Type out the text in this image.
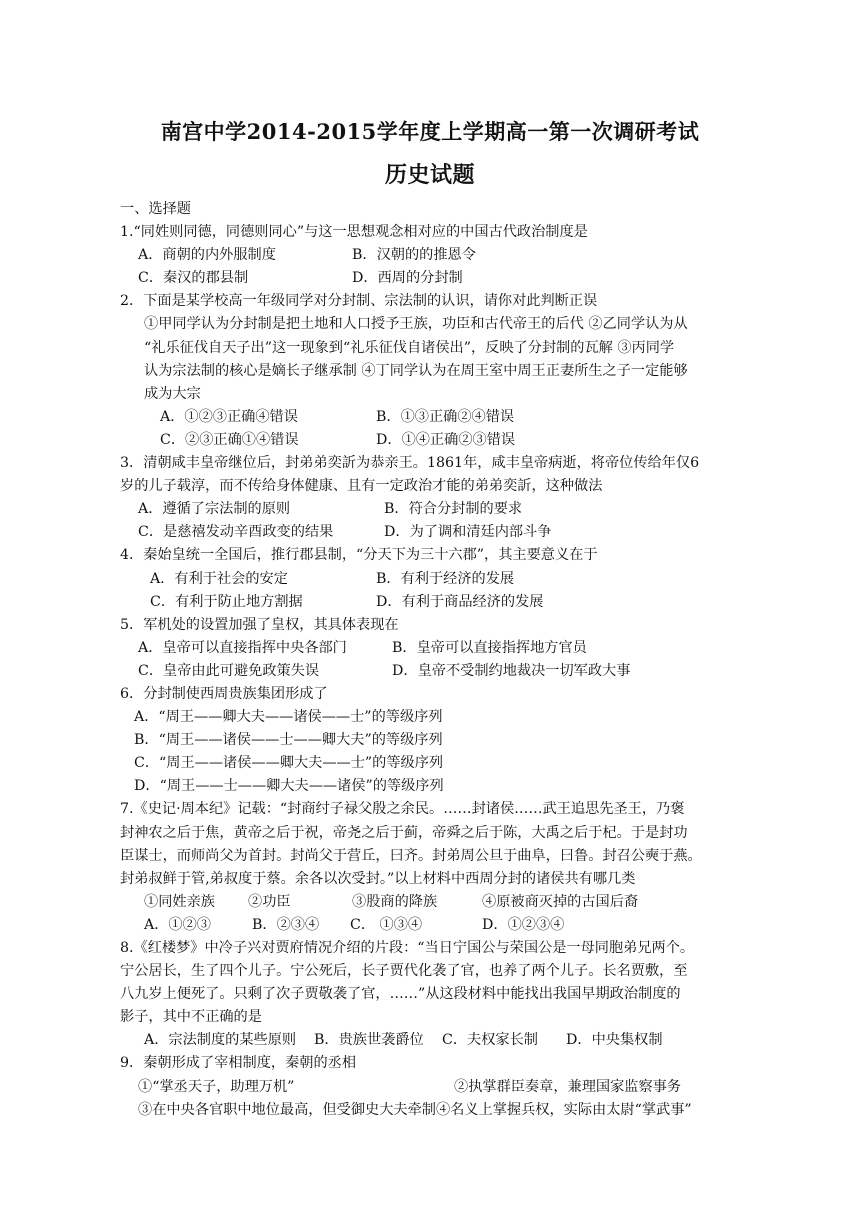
南宫中学2014-2015学年度上学期高一第一次调研考试
历史试题

一、选择题

1.“同姓则同德，同德则同心”与这一思想观念相对应的中国古代政治制度是

A．商朝的内外服制度	B．汉朝的的推恩令

C．秦汉的郡县制	D．西周的分封制

2．下面是某学校高一年级同学对分封制、宗法制的认识，请你对此判断正误

①甲同学认为分封制是把土地和人口授予王族，功臣和古代帝王的后代 ②乙同学认为从

“礼乐征伐自天子出”这一现象到“礼乐征伐自诸侯出”，反映了分封制的瓦解 ③丙同学

认为宗法制的核心是嫡长子继承制 ④丁同学认为在周王室中周王正妻所生之子一定能够

成为大宗

A．①②③正确④错误	B．①③正确②④错误

C．②③正确①④错误	D．①④正确②③错误

3．清朝咸丰皇帝继位后，封弟弟奕訢为恭亲王。1861年，咸丰皇帝病逝，将帝位传给年仅6

岁的儿子载淳，而不传给身体健康、且有一定政治才能的弟弟奕訢，这种做法

A．遵循了宗法制的原则	B．符合分封制的要求

C．是慈禧发动辛酉政变的结果	D．为了调和清廷内部斗争

4．秦始皇统一全国后，推行郡县制，“分天下为三十六郡”，其主要意义在于

A．有利于社会的安定	B．有利于经济的发展

C．有利于防止地方割据	D．有利于商品经济的发展

5．军机处的设置加强了皇权，其具体表现在

A．皇帝可以直接指挥中央各部门	B．皇帝可以直接指挥地方官员

C．皇帝由此可避免政策失误	D．皇帝不受制约地裁决一切军政大事

6．分封制使西周贵族集团形成了

A．“周王——卿大夫——诸侯——士”的等级序列

B．“周王——诸侯——士——卿大夫”的等级序列

C．“周王——诸侯——卿大夫——士”的等级序列

D．“周王——士——卿大夫——诸侯”的等级序列

7.《史记·周本纪》记载：“封商纣子禄父殷之余民。……封诸侯……武王追思先圣王，乃褒

封神农之后于焦，黄帝之后于祝，帝尧之后于蓟，帝舜之后于陈，大禹之后于杞。于是封功

臣谋士，而师尚父为首封。封尚父于营丘，曰齐。封弟周公旦于曲阜，曰鲁。封召公奭于燕。

封弟叔鲜于管,弟叔度于蔡。余各以次受封。”以上材料中西周分封的诸侯共有哪几类

①同姓亲族	②功臣	③股商的降族	④原被商灭掉的古国后裔

A．①②③	B．②③④	C． ①③④	D．①②③④

8.《红楼梦》中冷子兴对贾府情况介绍的片段：“当日宁国公与荣国公是一母同胞弟兄两个。

宁公居长，生了四个儿子。宁公死后，长子贾代化袭了官，也养了两个儿子。长名贾敷，至

八九岁上便死了。只剩了次子贾敬袭了官，……”从这段材料中能找出我国早期政治制度的

影子，其中不正确的是

A．宗法制度的某些原则	B．贵族世袭爵位	C．夫权家长制	D．中央集权制

9．秦朝形成了宰相制度，秦朝的丞相

①“掌丞天子，助理万机”	②执掌群臣奏章，兼理国家监察事务

③在中央各官职中地位最高，但受御史大夫牵制④名义上掌握兵权，实际由太尉“掌武事”
